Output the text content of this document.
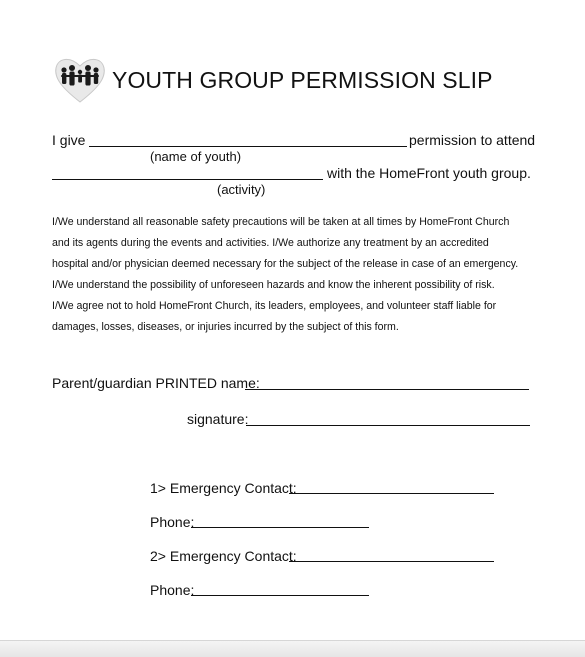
YOUTH GROUP PERMISSION SLIP
I give	permission to attend
(name of youth)
with the HomeFront youth group.
(activity)
I/We understand all reasonable safety precautions will be taken at all times by HomeFront Church
and its agents during the events and activities. I/We authorize any treatment by an accredited
hospital and/or physician deemed necessary for the subject of the release in case of an emergency.
I/We understand the possibility of unforeseen hazards and know the inherent possibility of risk.
I/We agree not to hold HomeFront Church, its leaders, employees, and volunteer staff liable for
damages, losses, diseases, or injuries incurred by the subject of this form.
Parent/guardian PRINTED name:
signature:
1> Emergency Contact:
Phone:
2> Emergency Contact:
Phone:
